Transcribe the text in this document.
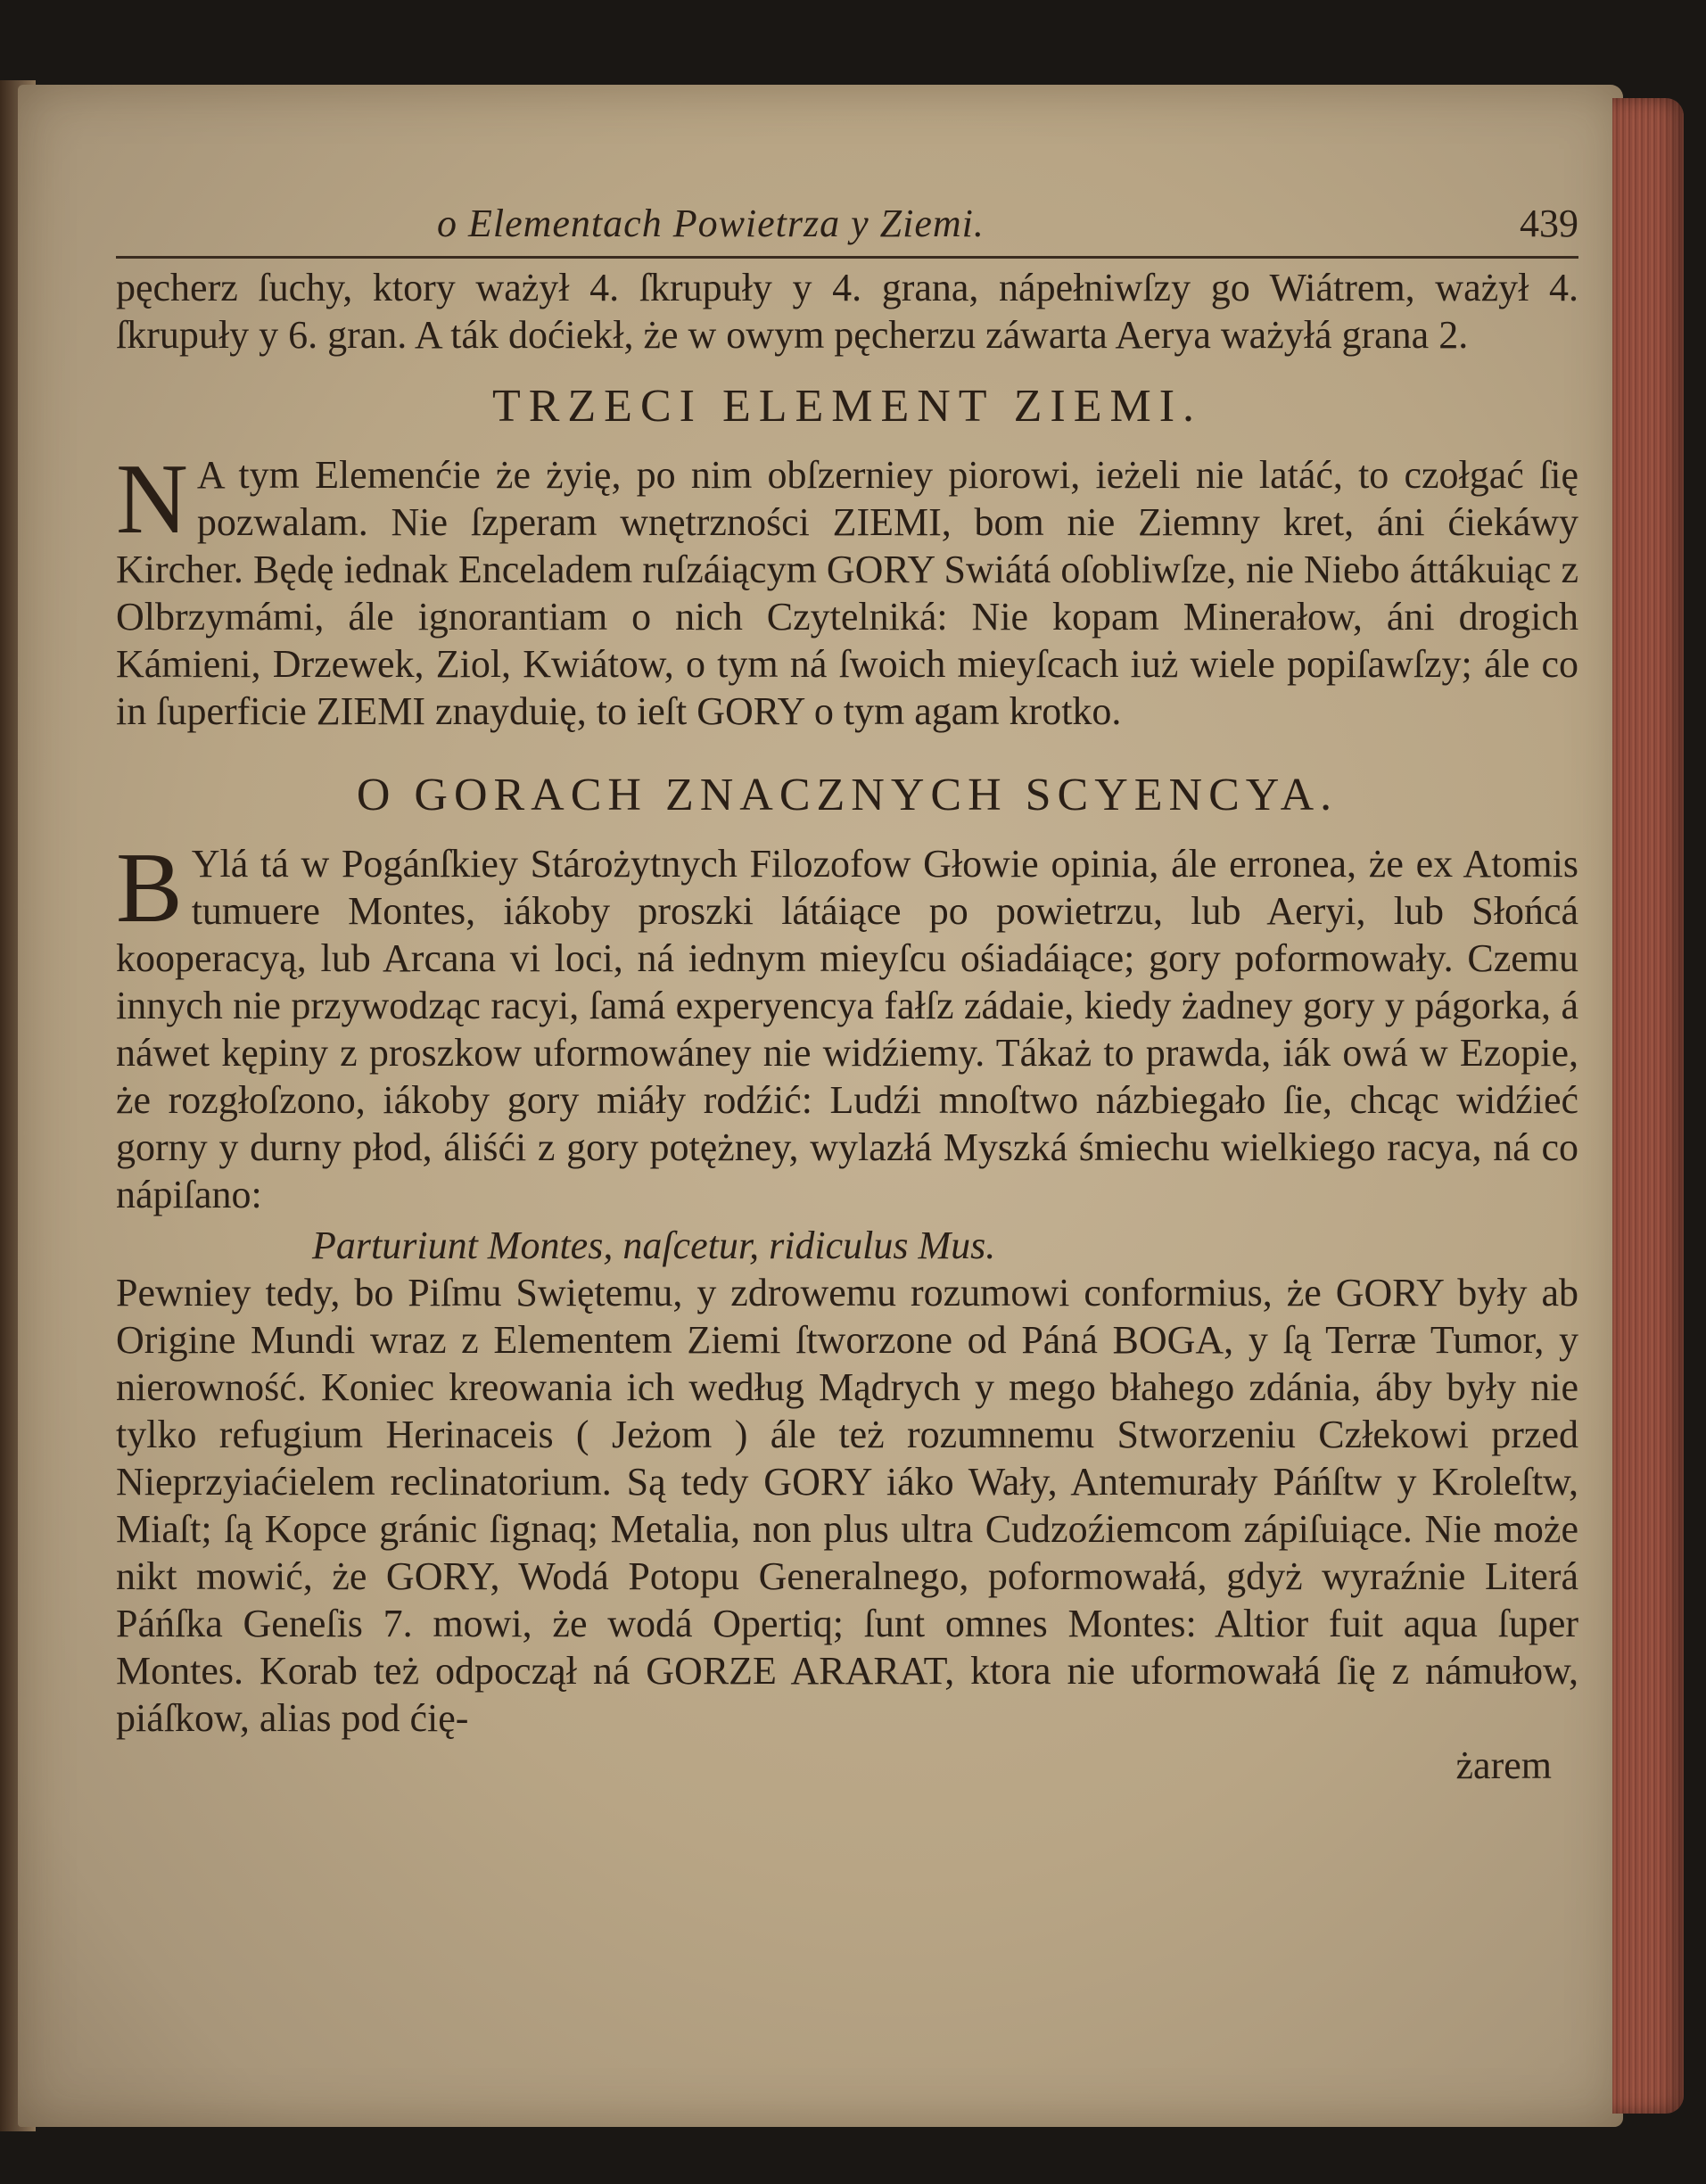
o Elementach Powietrza y Ziemi.	439

pęcherz ſuchy, ktory ważył 4. ſkrupuły y 4. grana, nápełniwſzy go Wiátrem, ważył 4. ſkrupuły y 6. gran. A ták doćiekł, że w owym pęcherzu záwarta Aerya ważyłá grana 2.

TRZECI ELEMENT ZIEMI.

N A tym Elemenćie że żyię, po nim obſzerniey piorowi, ieżeli nie latáć, to czołgać ſię pozwalam. Nie ſzperam wnętrzności ZIEMI, bom nie Ziemny kret, áni ćiekáwy Kircher. Będę iednak Enceladem ruſzáiącym GORY Swiátá oſobliwſze, nie Niebo áttákuiąc z Olbrzymámi, ále ignorantiam o nich Czytelniká: Nie kopam Minerałow, áni drogich Kámieni, Drzewek, Ziol, Kwiátow, o tym ná ſwoich mieyſcach iuż wiele popiſawſzy; ále co in ſuperficie ZIEMI znayduię, to ieſt GORY o tym agam krotko.

O GORACH ZNACZNYCH SCYENCYA.

B Ylá tá w Pogánſkiey Stárożytnych Filozofow Głowie opinia, ále erronea, że ex Atomis tumuere Montes, iákoby proszki látáiące po powietrzu, lub Aeryi, lub Słońcá kooperacyą, lub Arcana vi loci, ná iednym mieyſcu ośiadáiące; gory poformowały. Czemu innych nie przywodząc racyi, ſamá experyencya fałſz zádaie, kiedy żadney gory y págorka, á náwet kępiny z proszkow uformowáney nie widźiemy. Tákaż to prawda, iák owá w Ezopie, że rozgłoſzono, iákoby gory miáły rodźić: Ludźi mnoſtwo názbiegało ſie, chcąc widźieć gorny y durny płod, áliśći z gory potężney, wylazłá Myszká śmiechu wielkiego racya, ná co nápiſano:

Parturiunt Montes, naſcetur, ridiculus Mus.

Pewniey tedy, bo Piſmu Swiętemu, y zdrowemu rozumowi conformius, że GORY były ab Origine Mundi wraz z Elementem Ziemi ſtworzone od Páná BOGA, y ſą Terræ Tumor, y nierowność. Koniec kreowania ich według Mądrych y mego błahego zdánia, áby były nie tylko refugium Herinaceis ( Jeżom ) ále też rozumnemu Stworzeniu Człekowi przed Nieprzyiaćielem reclinatorium. Są tedy GORY iáko Wały, Antemurały Páńſtw y Kroleſtw, Miaſt; ſą Kopce gránic ſignaq; Metalia, non plus ultra Cudzoźiemcom zápiſuiące. Nie może nikt mowić, że GORY, Wodá Potopu Generalnego, poformowałá, gdyż wyraźnie Literá Páńſka Geneſis 7. mowi, że wodá Opertiq; ſunt omnes Montes: Altior fuit aqua ſuper Montes. Korab też odpoczął ná GORZE ARARAT, ktora nie uformowałá ſię z námułow, piáſkow, alias pod ćię-

żarem
